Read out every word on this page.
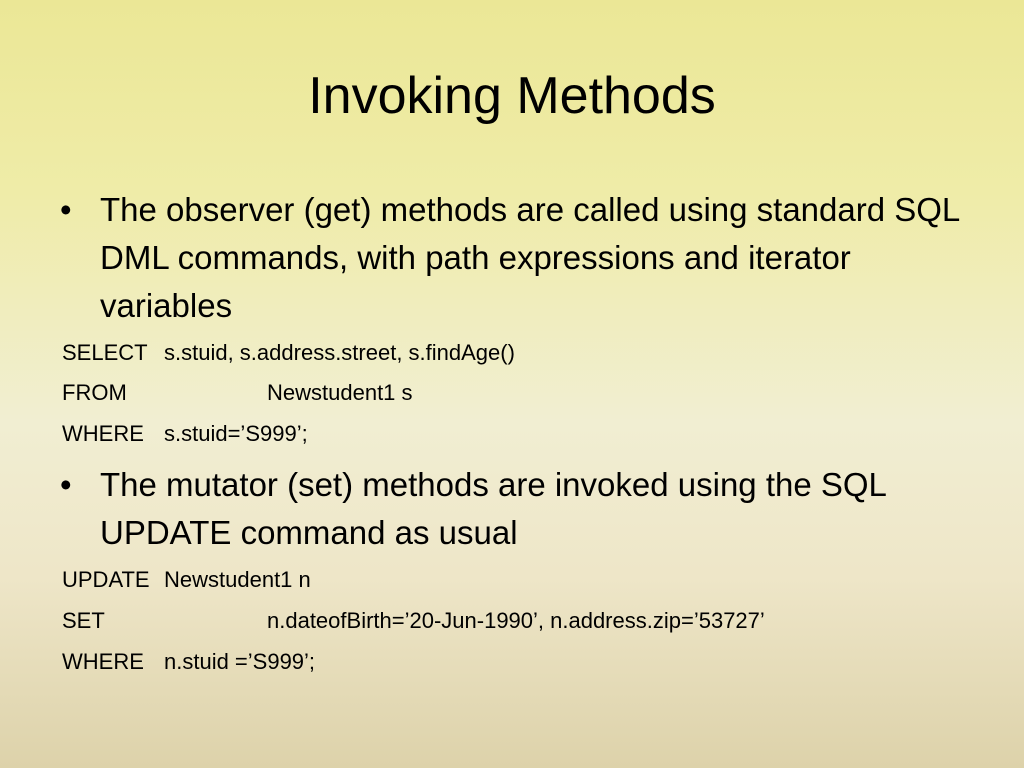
Invoking Methods
• The observer (get) methods are called using standard SQL DML commands, with path expressions and iterator variables
SELECT s.stuid, s.address.street, s.findAge()
FROM	Newstudent1 s
WHERE s.stuid=’S999’;
• The mutator (set) methods are invoked using the SQL UPDATE command as usual
UPDATE Newstudent1 n
SET	n.dateofBirth=’20-Jun-1990’, n.address.zip=’53727’
WHERE n.stuid =’S999’;
